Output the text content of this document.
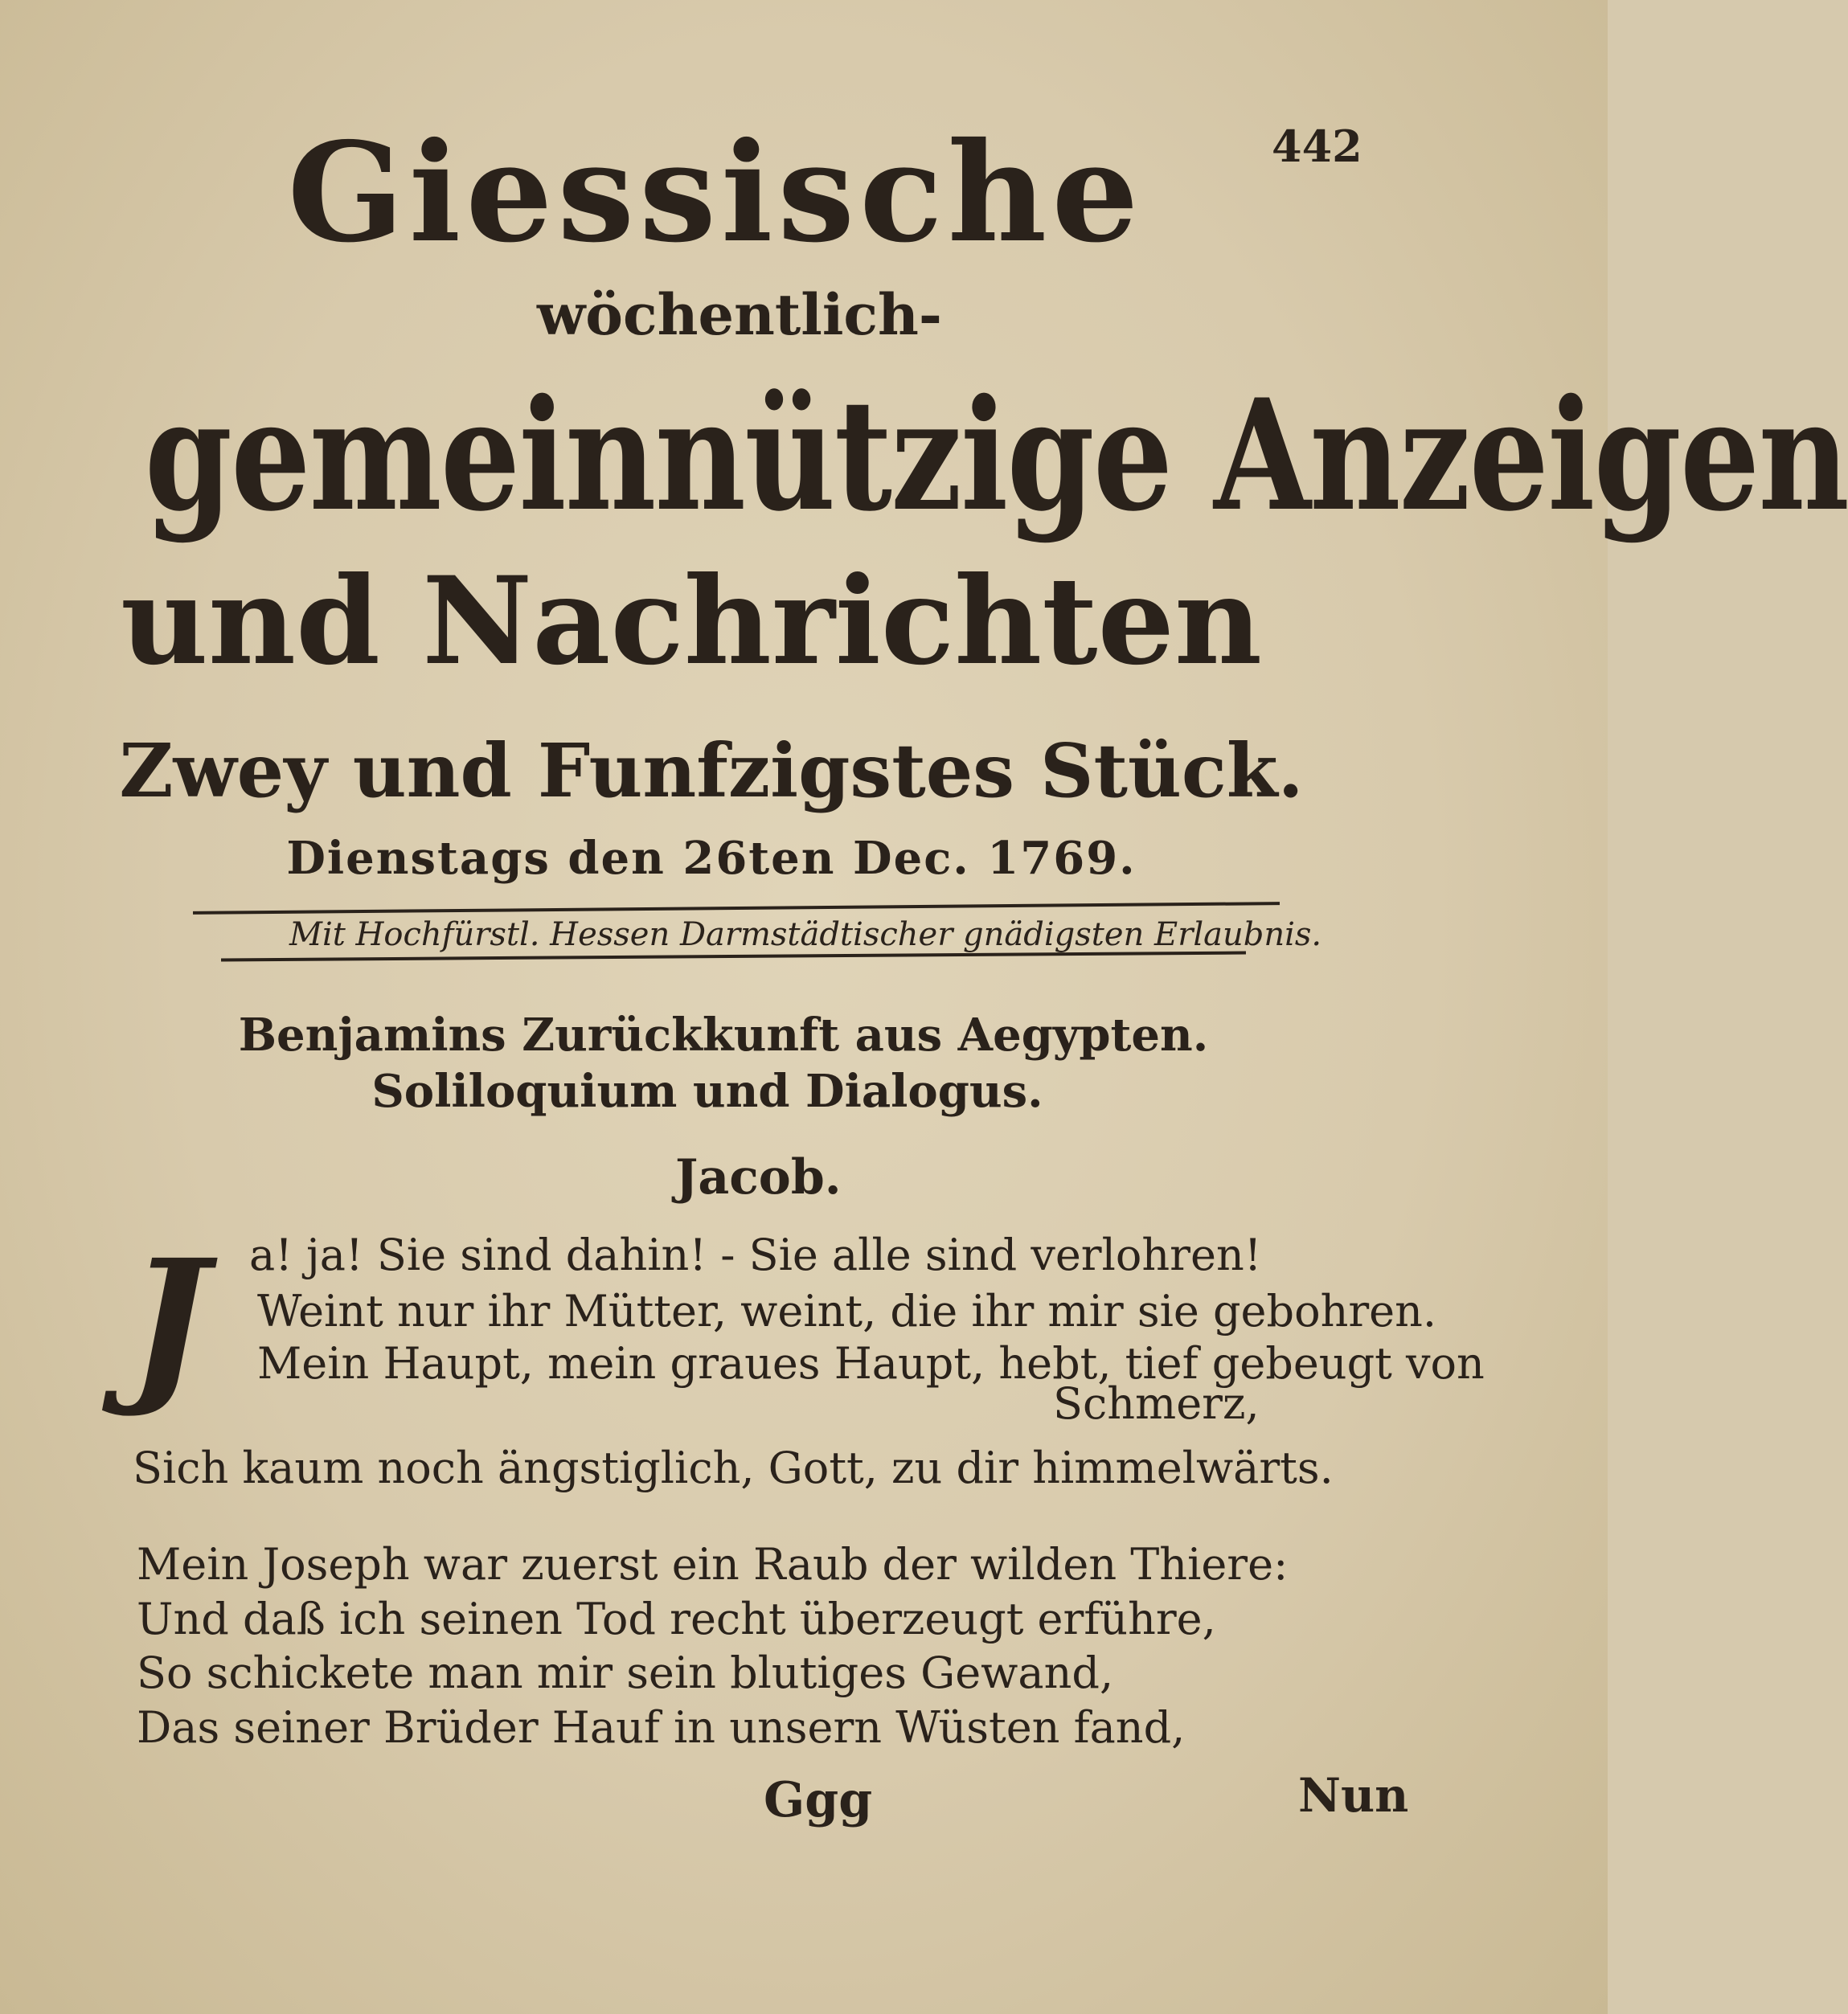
442
Giessische
wöchentlich-
gemeinnützige Anzeigen
und Nachrichten
Zwey und Funfzigstes Stück.
Dienstags den 26ten Dec. 1769.
Mit Hochfürstl. Hessen Darmstädtischer gnädigsten Erlaubnis.
Benjamins Zurückkunft aus Aegypten.
Soliloquium und Dialogus.
Jacob.
J a! ja! Sie sind dahin! - Sie alle sind verlohren!
Weint nur ihr Mütter, weint, die ihr mir sie gebohren.
Mein Haupt, mein graues Haupt, hebt, tief gebeugt von
Schmerz,
Sich kaum noch ängstiglich, Gott, zu dir himmelwärts.
Mein Joseph war zuerst ein Raub der wilden Thiere:
Und daß ich seinen Tod recht überzeugt erführe,
So schickete man mir sein blutiges Gewand,
Das seiner Brüder Hauf in unsern Wüsten fand,
Ggg	Nun
